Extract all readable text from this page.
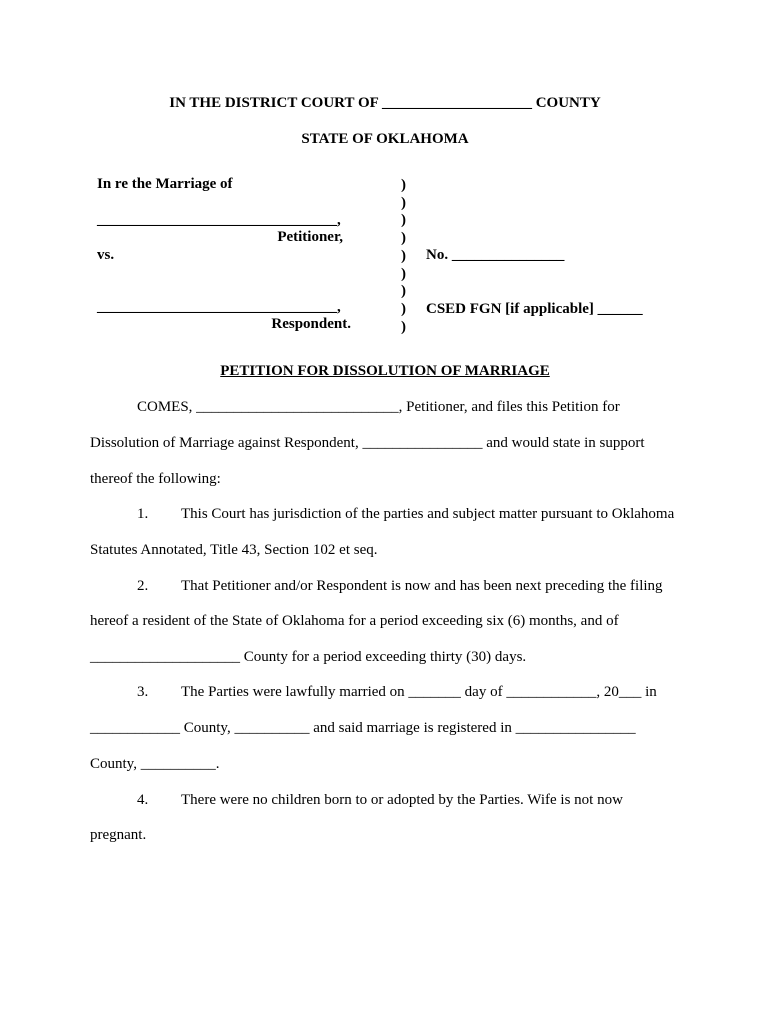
IN THE DISTRICT COURT OF ____________________ COUNTY
STATE OF OKLAHOMA
In re the Marriage of
________________________________,
Petitioner,
vs.
________________________________,
Respondent.
)
)
)
)
)
)
)
)
)
No. _______________
CSED FGN [if applicable] ______
PETITION FOR DISSOLUTION OF MARRIAGE
COMES, ___________________________, Petitioner, and files this Petition for
Dissolution of Marriage against Respondent, ________________ and would state in support
thereof the following:
1. This Court has jurisdiction of the parties and subject matter pursuant to Oklahoma
Statutes Annotated, Title 43, Section 102 et seq.
2. That Petitioner and/or Respondent is now and has been next preceding the filing
hereof a resident of the State of Oklahoma for a period exceeding six (6) months, and of
____________________ County for a period exceeding thirty (30) days.
3. The Parties were lawfully married on _______ day of ____________, 20___ in
____________ County, __________ and said marriage is registered in ________________
County, __________.
4. There were no children born to or adopted by the Parties. Wife is not now
pregnant.
